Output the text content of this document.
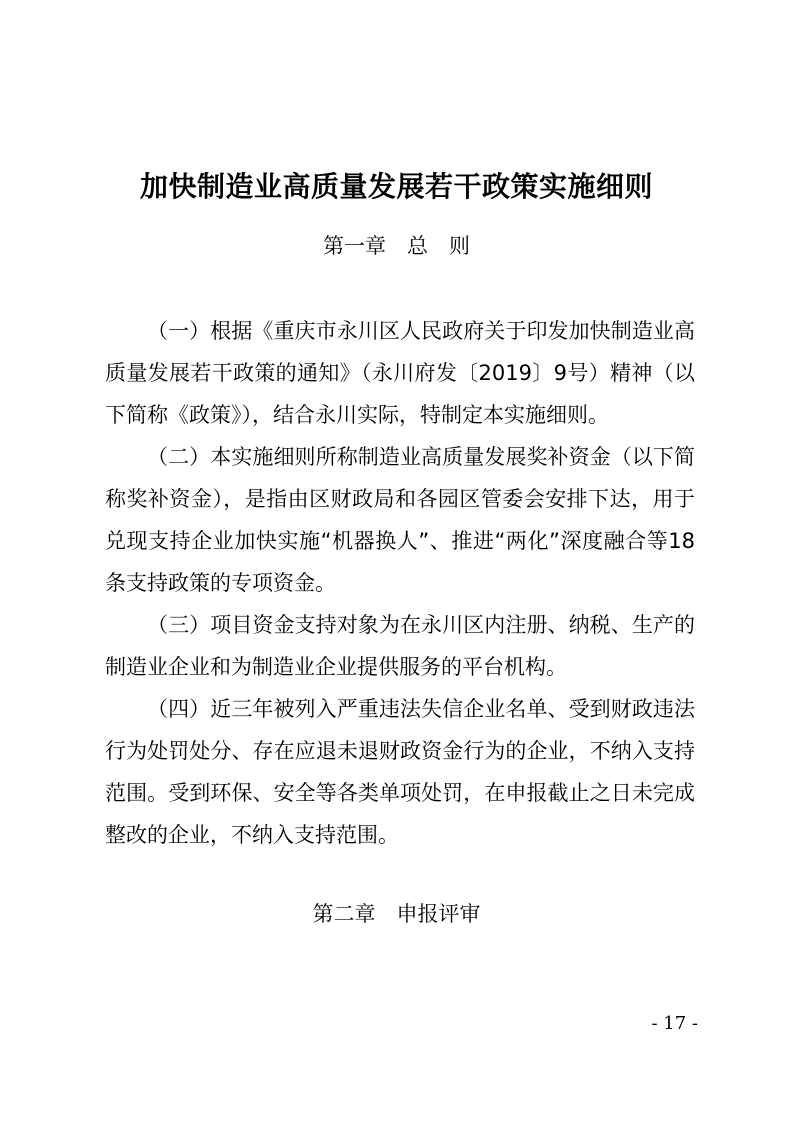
加快制造业高质量发展若干政策实施细则
第一章　总　则

（一）根据《重庆市永川区人民政府关于印发加快制造业高质量发展若干政策的通知》（永川府发〔2019〕9号）精神（以下简称《政策》），结合永川实际，特制定本实施细则。

（二）本实施细则所称制造业高质量发展奖补资金（以下简称奖补资金），是指由区财政局和各园区管委会安排下达，用于兑现支持企业加快实施“机器换人”、推进“两化”深度融合等18条支持政策的专项资金。

（三）项目资金支持对象为在永川区内注册、纳税、生产的制造业企业和为制造业企业提供服务的平台机构。

（四）近三年被列入严重违法失信企业名单、受到财政违法行为处罚处分、存在应退未退财政资金行为的企业，不纳入支持范围。受到环保、安全等各类单项处罚，在申报截止之日未完成整改的企业，不纳入支持范围。

第二章　申报评审
- 17 -
